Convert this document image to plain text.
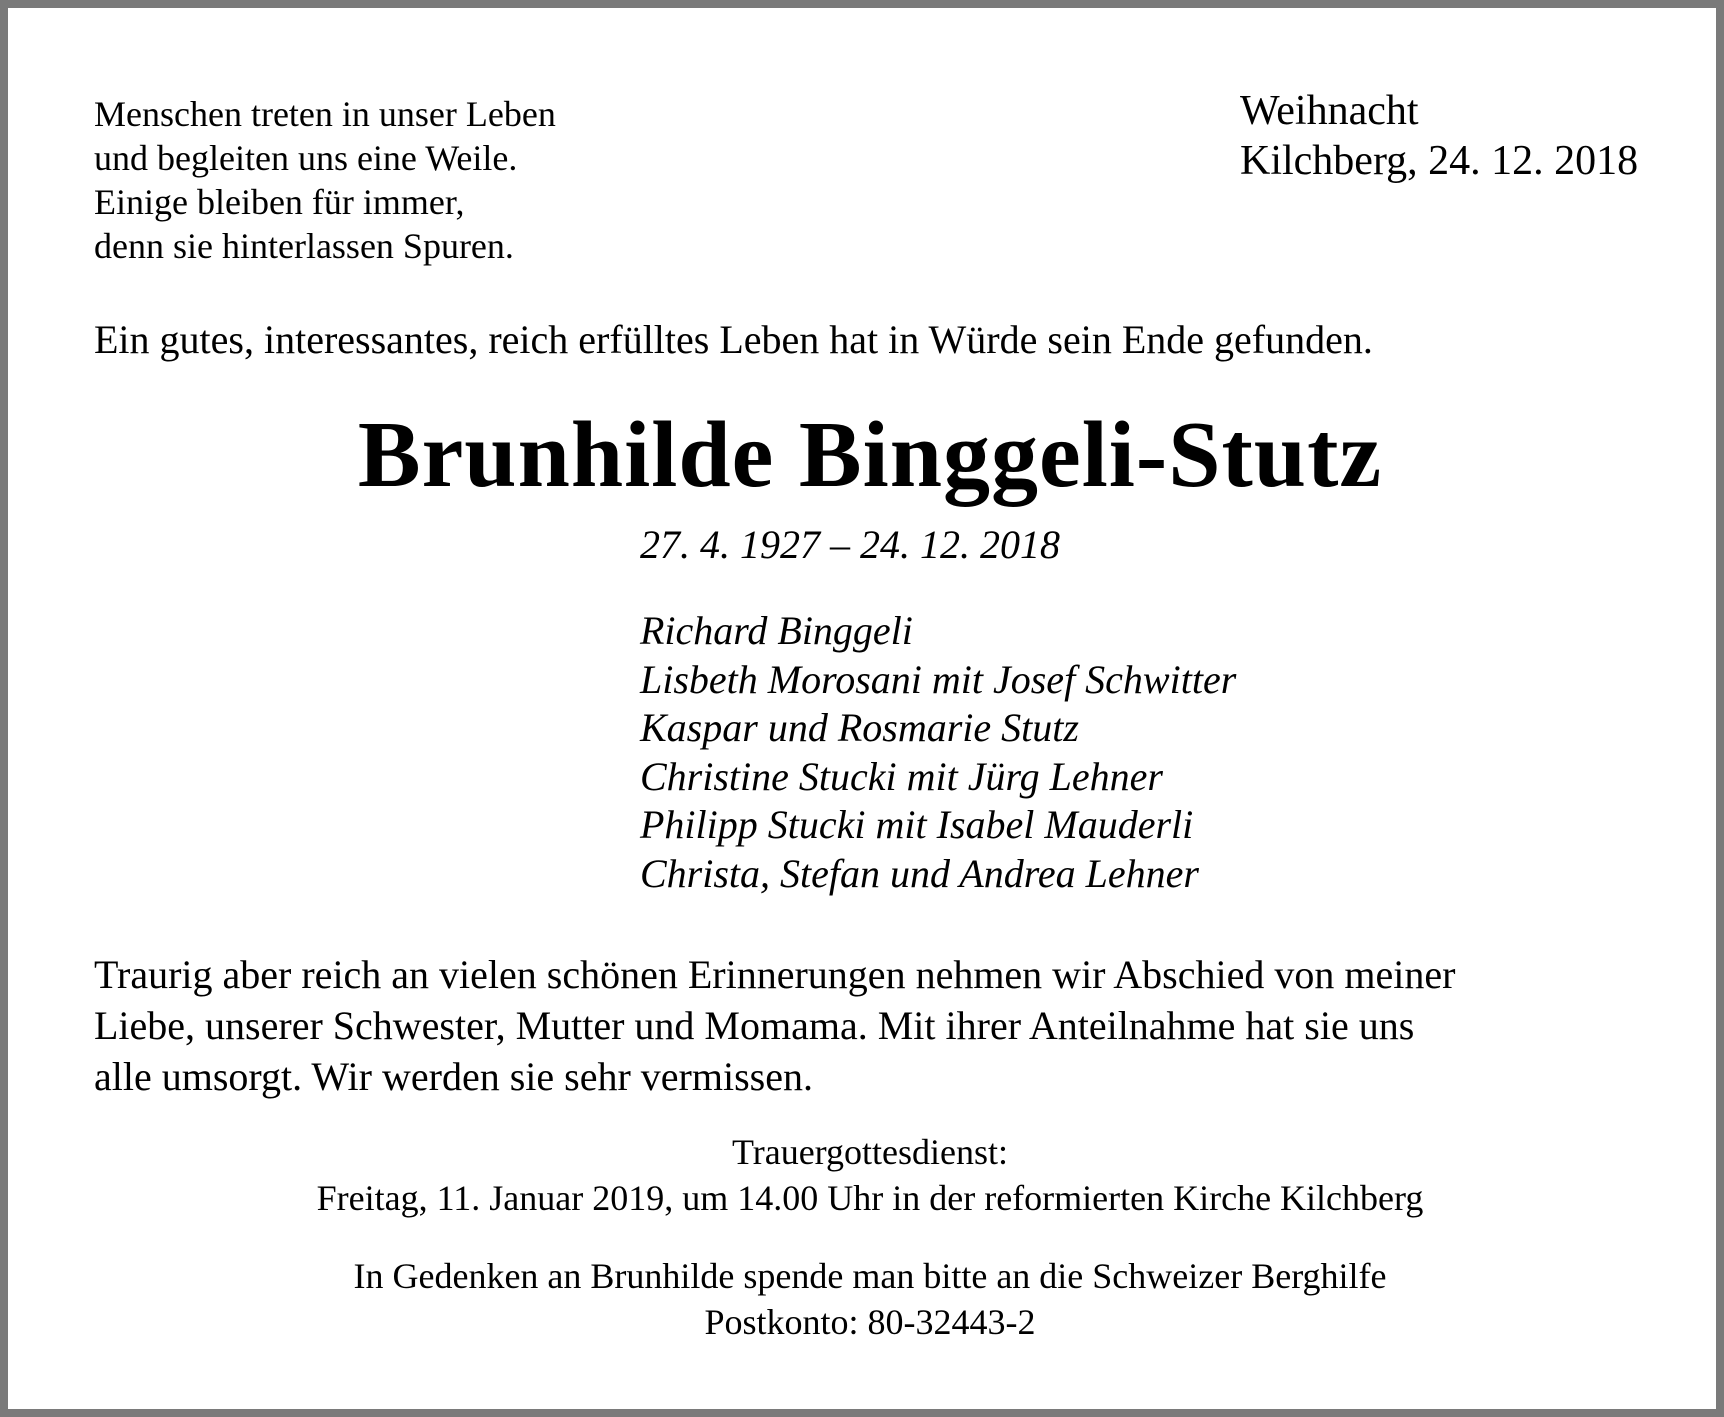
Menschen treten in unser Leben
und begleiten uns eine Weile.
Einige bleiben für immer,
denn sie hinterlassen Spuren.
Weihnacht
Kilchberg, 24. 12. 2018
Ein gutes, interessantes, reich erfülltes Leben hat in Würde sein Ende gefunden.
Brunhilde Binggeli-Stutz
27. 4. 1927 – 24. 12. 2018
Richard Binggeli
Lisbeth Morosani mit Josef Schwitter
Kaspar und Rosmarie Stutz
Christine Stucki mit Jürg Lehner
Philipp Stucki mit Isabel Mauderli
Christa, Stefan und Andrea Lehner
Traurig aber reich an vielen schönen Erinnerungen nehmen wir Abschied von meiner
Liebe, unserer Schwester, Mutter und Momama. Mit ihrer Anteilnahme hat sie uns
alle umsorgt. Wir werden sie sehr vermissen.
Trauergottesdienst:
Freitag, 11. Januar 2019, um 14.00 Uhr in der reformierten Kirche Kilchberg
In Gedenken an Brunhilde spende man bitte an die Schweizer Berghilfe
Postkonto: 80-32443-2
